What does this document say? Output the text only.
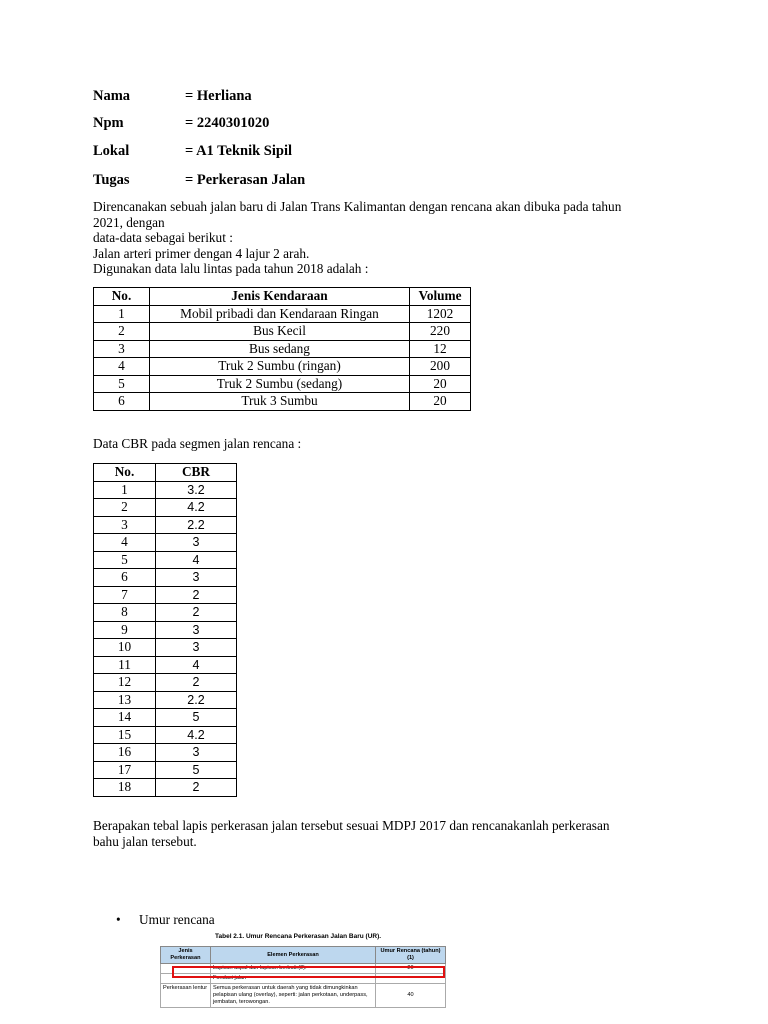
Nama	= Herliana
Npm	= 2240301020
Lokal	= A1 Teknik Sipil
Tugas	= Perkerasan Jalan
Direncanakan sebuah jalan baru di Jalan Trans Kalimantan dengan rencana akan dibuka pada tahun
2021, dengan
data-data sebagai berikut :
Jalan arteri primer dengan 4 lajur 2 arah.
Digunakan data lalu lintas pada tahun 2018 adalah :
No.	Jenis Kendaraan	Volume
1	Mobil pribadi dan Kendaraan Ringan	1202
2	Bus Kecil	220
3	Bus sedang	12
4	Truk 2 Sumbu (ringan)	200
5	Truk 2 Sumbu (sedang)	20
6	Truk 3 Sumbu	20
Data CBR pada segmen jalan rencana :
No.	CBR
1	3.2
2	4.2
3	2.2
4	3
5	4
6	3
7	2
8	2
9	3
10	3
11	4
12	2
13	2.2
14	5
15	4.2
16	3
17	5
18	2
Berapakan tebal lapis perkerasan jalan tersebut sesuai MDPJ 2017 dan rencanakanlah perkerasan
bahu jalan tersebut.
• Umur rencana
Tabel 2.1. Umur Rencana Perkerasan Jalan Baru (UR).
Jenis Perkerasan	Elemen Perkerasan	Umur Rencana (tahun)(1)
	Lapisan aspal dan lapisan berbutir(2).	20
	Fondasi jalan	
Perkerasan lentur	Semua perkerasan untuk daerah yang tidak dimungkinkan pelapisan ulang (overlay), seperti: jalan perkotaan, underpass, jembatan, terowongan.	40
